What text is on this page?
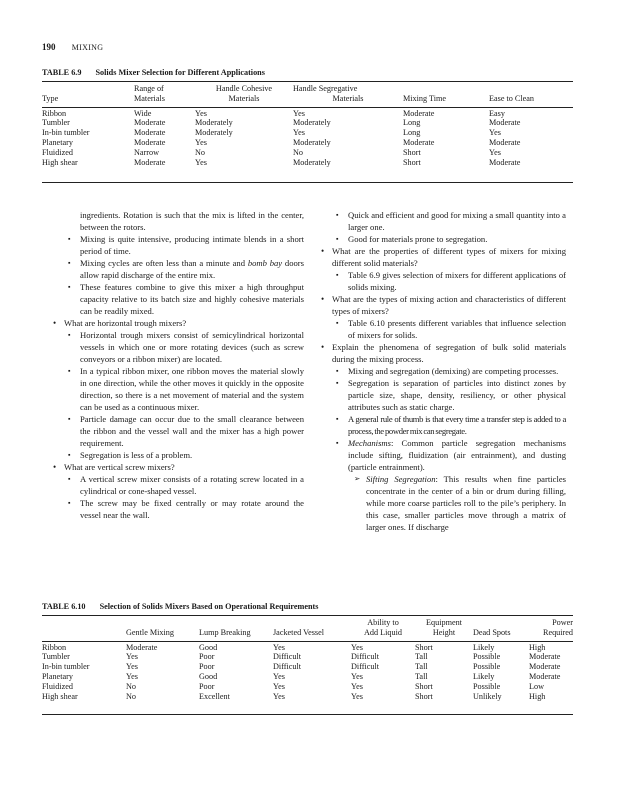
190 MIXING
TABLE 6.9 Solids Mixer Selection for Different Applications
	Range of	Handle Cohesive	Handle Segregative		
Type	Materials	Materials	Materials	Mixing Time	Ease to Clean
Ribbon	Wide	Yes	Yes	Moderate	Easy
Tumbler	Moderate	Moderately	Moderately	Long	Moderate
In-bin tumbler	Moderate	Moderately	Yes	Long	Yes
Planetary	Moderate	Yes	Moderately	Moderate	Moderate
Fluidized	Narrow	No	No	Short	Yes
High shear	Moderate	Yes	Moderately	Short	Moderate

ingredients. Rotation is such that the mix is lifted in the center, between the rotors.

▪ Mixing is quite intensive, producing intimate blends in a short period of time.

▪ Mixing cycles are often less than a minute and bomb bay doors allow rapid discharge of the entire mix.

▪ These features combine to give this mixer a high throughput capacity relative to its batch size and highly cohesive materials can be readily mixed.

• What are horizontal trough mixers?

▪ Horizontal trough mixers consist of semicylindrical horizontal vessels in which one or more rotating devices (such as screw conveyors or a ribbon mixer) are located.

▪ In a typical ribbon mixer, one ribbon moves the material slowly in one direction, while the other moves it quickly in the opposite direction, so there is a net movement of material and the system can be used as a continuous mixer.

▪ Particle damage can occur due to the small clearance between the ribbon and the vessel wall and the mixer has a high power requirement.

▪ Segregation is less of a problem.

• What are vertical screw mixers?

▪ A vertical screw mixer consists of a rotating screw located in a cylindrical or cone-shaped vessel.

▪ The screw may be fixed centrally or may rotate around the vessel near the wall.

▪ Quick and efficient and good for mixing a small quantity into a larger one.

▪ Good for materials prone to segregation.

• What are the properties of different types of mixers for mixing different solid materials?

▪ Table 6.9 gives selection of mixers for different applications of solids mixing.

• What are the types of mixing action and characteristics of different types of mixers?

▪ Table 6.10 presents different variables that influence selection of mixers for solids.

• Explain the phenomena of segregation of bulk solid materials during the mixing process.

▪ Mixing and segregation (demixing) are competing processes.

▪ Segregation is separation of particles into distinct zones by particle size, shape, density, resiliency, or other physical attributes such as static charge.

▪ A general rule of thumb is that every time a transfer step is added to a process, the powder mix can segregate.

▪ Mechanisms: Common particle segregation mechanisms include sifting, fluidization (air entrainment), and dusting (particle entrainment).

➢ Sifting Segregation: This results when fine particles concentrate in the center of a bin or drum during filling, while more coarse particles roll to the pile’s periphery. In this case, smaller particles move through a matrix of larger ones. If discharge

TABLE 6.10 Selection of Solids Mixers Based on Operational Requirements
				Ability to	Equipment		Power
	Gentle Mixing	Lump Breaking	Jacketed Vessel	Add Liquid	Height	Dead Spots	Required
Ribbon	Moderate	Good	Yes	Yes	Short	Likely	High
Tumbler	Yes	Poor	Difficult	Difficult	Tall	Possible	Moderate
In-bin tumbler	Yes	Poor	Difficult	Difficult	Tall	Possible	Moderate
Planetary	Yes	Good	Yes	Yes	Tall	Likely	Moderate
Fluidized	No	Poor	Yes	Yes	Short	Possible	Low
High shear	No	Excellent	Yes	Yes	Short	Unlikely	High
